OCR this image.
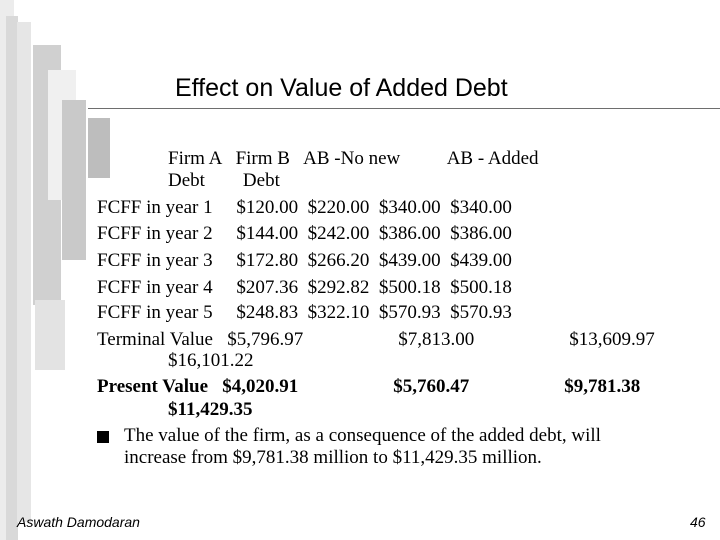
Effect on Value of Added Debt
Firm A   Firm B   AB -No new          AB - Added
Debt        Debt
FCFF in year 1     $120.00  $220.00  $340.00  $340.00
FCFF in year 2     $144.00  $242.00  $386.00  $386.00
FCFF in year 3     $172.80  $266.20  $439.00  $439.00
FCFF in year 4     $207.36  $292.82  $500.18  $500.18
FCFF in year 5     $248.83  $322.10  $570.93  $570.93
Terminal Value   $5,796.97                    $7,813.00                    $13,609.97
$16,101.22
Present Value   $4,020.91                    $5,760.47                    $9,781.38
$11,429.35
The value of the firm, as a consequence of the added debt, will
increase from $9,781.38 million to $11,429.35 million.
Aswath Damodaran	46
